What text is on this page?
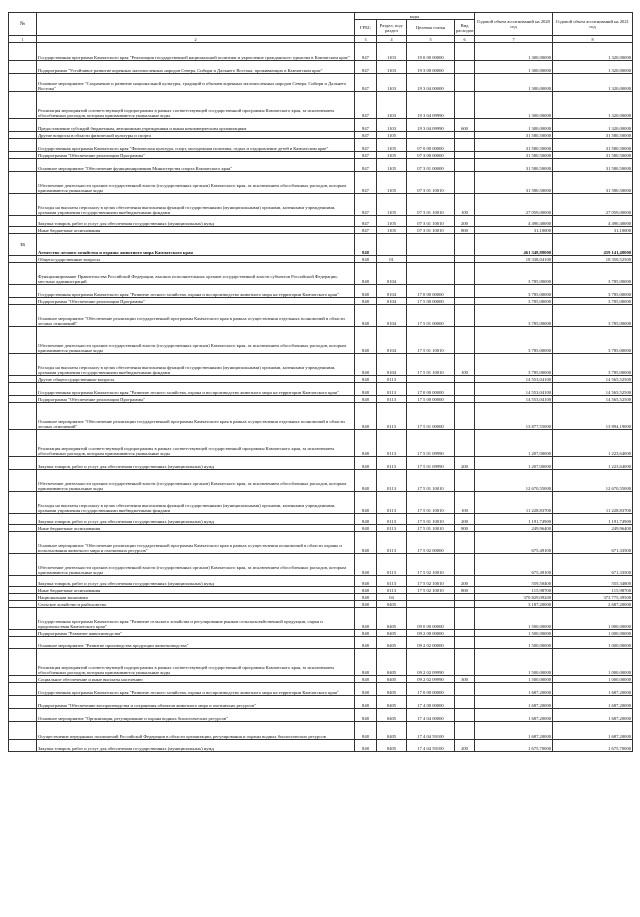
№		коды				Годовой объем ассигнований на 2020 год	Годовой объем ассигнований на 2021 год
		ГРБС	Раздел, под-раздел	Целевая статья	Вид расходов		
1	2	3	4	5	6	7	8
	Государственная программа Камчатского края "Реализация государственной национальной политики и укрепление гражданского единства в Камчатском крае"	847	1103	19 0 00 00000		1 300,00000	1 320,00000
	Подпрограмма "Устойчивое развитие коренных малочисленных народов Севера, Сибири и Дальнего Востока, проживающих в Камчатском крае"	847	1103	19 3 00 00000		1 300,00000	1 320,00000
	Основное мероприятие "Сохранение и развитие национальной культуры, традиций и обычаев коренных малочисленных народов Севера, Сибири и Дальнего Востока"	847	1103	19 3 04 00000		1 300,00000	1 320,00000
	Реализация мероприятий соответствующей подпрограммы в рамках соответствующей государственной программы Камчатского края, за исключением обособленных расходов, которым присваиваются уникальные коды	847	1103	19 3 04 09990		1 300,00000	1 320,00000
	Предоставление субсидий бюджетным, автономным учреждениям и иным некоммерческим организациям	847	1103	19 3 04 09990	600	1 300,00000	1 320,00000
	Другие вопросы в области физической культуры и спорта	847	1105			31 580,50000	31 580,50000
	Государственная программа Камчатского края "Физическая культура, спорт, молодежная политика, отдых и оздоровление детей в Камчатском крае"	847	1105	07 0 00 00000		31 580,50000	31 580,50000
	Подпрограмма "Обеспечение реализации Программы"	847	1105	07 3 00 00000		31 580,50000	31 580,50000
	Основное мероприятие "Обеспечение функционирования Министерства спорта Камчатского края"	847	1105	07 3 01 00000		31 580,50000	31 580,50000
	Обеспечение деятельности органов государственной власти (государственных органов) Камчатского края, за исключением обособленных расходов, которым присваиваются уникальные коды	847	1105	07 3 01 10010		31 580,50000	31 580,50000
	Расходы на выплаты персоналу в целях обеспечения выполнения функций государственными (муниципальными) органами, казенными учреждениями, органами управления государственными внебюджетными фондами	847	1105	07 3 01 10010	100	27 059,00000	27 059,00000
	Закупка товаров, работ и услуг для обеспечения государственных (муниципальных) нужд	847	1105	07 3 01 10010	200	4 490,40000	4 490,40000
	Иные бюджетные ассигнования	847	1105	07 3 01 10010	800	31,10000	31,10000
33	Агентство лесного хозяйства и охраны животного мира Камчатского края	848				461 348,88000	459 141,48000
	Общегосударственные вопросы	848	01			18 338,04100	18 350,52500
	Функционирование Правительства Российской Федерации, высших исполнительных органов государственной власти субъектов Российской Федерации, местных администраций	848	0104			3 785,00000	3 785,00000
	Государственная программа Камчатского края "Развитие лесного хозяйства, охрана и воспроизводство животного мира на территории Камчатского края"	848	0104	17 0 00 00000		3 785,00000	3 785,00000
	Подпрограмма "Обеспечение реализации Программы"	848	0104	17 5 00 00000		3 785,00000	3 785,00000
	Основное мероприятие "Обеспечение реализации государственной программы Камчатского края в рамках осуществления отдельных полномочий в области лесных отношений"	848	0104	17 5 01 00000		3 785,00000	3 785,00000
	Обеспечение деятельности органов государственной власти (государственных органов) Камчатского края, за исключением обособленных расходов, которым присваиваются уникальные коды	848	0104	17 5 01 10010		3 785,00000	3 785,00000
	Расходы на выплаты персоналу в целях обеспечения выполнения функций государственными (муниципальными) органами, казенными учреждениями, органами управления государственными внебюджетными фондами	848	0104	17 5 01 10010	100	3 785,00000	3 785,00000
	Другие общегосударственные вопросы	848	0113			14 553,04100	14 565,52500
	Государственная программа Камчатского края "Развитие лесного хозяйства, охрана и воспроизводство животного мира на территории Камчатского края"	848	0113	17 0 00 00000		14 553,04100	14 565,52500
	Подпрограмма "Обеспечение реализации Программы"	848	0113	17 5 00 00000		14 553,04100	14 565,52500
	Основное мероприятие "Обеспечение реализации государственной программы Камчатского края в рамках осуществления отдельных полномочий в области лесных отношений"	848	0113	17 5 01 00000		13 877,55000	13 894,19000
	Реализация мероприятий соответствующей подпрограммы в рамках соответствующей государственной программы Камчатского края, за исключением обособленных расходов, которым присваиваются уникальные коды	848	0113	17 5 01 09990		1 207,00000	1 223,64000
	Закупка товаров, работ и услуг для обеспечения государственных (муниципальных) нужд	848	0113	17 5 01 09990	200	1 207,00000	1 223,64000
	Обеспечение деятельности органов государственной власти (государственных органов) Камчатского края, за исключением обособленных расходов, которым присваиваются уникальные коды	848	0113	17 5 01 10010		12 670,55000	12 670,55000
	Расходы на выплаты персоналу в целях обеспечения выполнения функций государственными (муниципальными) органами, казенными учреждениями, органами управления государственными внебюджетными фондами	848	0113	17 5 01 10010	100	11 228,83700	11 228,83700
	Закупка товаров, работ и услуг для обеспечения государственных (муниципальных) нужд	848	0113	17 5 01 10010	200	1 191,74900	1 191,74900
	Иные бюджетные ассигнования	848	0113	17 5 01 10010	800	249,96400	249,96400
	Основное мероприятие "Обеспечение реализации государственной программы Камчатского края в рамках осуществления полномочий в области охраны и использования животного мира и охотничьих ресурсов"	848	0113	17 5 02 00000		675,49100	671,33500
	Обеспечение деятельности органов государственной власти (государственных органов) Камчатского края, за исключением обособленных расходов, которым присваиваются уникальные коды	848	0113	17 5 02 10010		675,49100	671,33500
	Закупка товаров, работ и услуг для обеспечения государственных (муниципальных) нужд	848	0113	17 5 02 10010	200	559,50400	555,34800
	Иные бюджетные ассигнования	848	0113	17 5 02 10010	800	115,98700	115,98700
	Национальная экономика	848	04			370 829,09200	373 775,39500
	Сельское хозяйство и рыболовство	848	0405			3 187,20000	2 687,20000
	Государственная программа Камчатского края "Развитие сельского хозяйства и регулирование рынков сельскохозяйственной продукции, сырья и продовольствия Камчатского края"	848	0405	09 0 00 00000		1 500,00000	1 000,00000
	Подпрограмма "Развитие животноводства"	848	0405	09 2 00 00000		1 500,00000	1 000,00000
	Основное мероприятие "Развитие производства продукции животноводства"	848	0405	09 2 02 00000		1 500,00000	1 000,00000
	Реализация мероприятий соответствующей подпрограммы в рамках соответствующей государственной программы Камчатского края, за исключением обособленных расходов, которым присваиваются уникальные коды	848	0405	09 2 02 09990		1 500,00000	1 000,00000
	Социальное обеспечение и иные выплаты населению	848	0405	09 2 02 09990	300	1 500,00000	1 000,00000
	Государственная программа Камчатского края "Развитие лесного хозяйства, охрана и воспроизводство животного мира на территории Камчатского края"	848	0405	17 0 00 00000		1 687,20000	1 687,20000
	Подпрограмма "Обеспечение воспроизводства и сохранения объектов животного мира и охотничьих ресурсов"	848	0405	17 4 00 00000		1 687,20000	1 687,20000
	Основное мероприятие "Организация, регулирование и охрана водных биологических ресурсов"	848	0405	17 4 04 00000		1 687,20000	1 687,20000
	Осуществление переданных полномочий Российской Федерации в области организации, регулирования и охраны водных биологических ресурсов	848	0405	17 4 04 59100		1 687,20000	1 687,20000
	Закупка товаров, работ и услуг для обеспечения государственных (муниципальных) нужд	848	0405	17 4 04 59100	200	1 675,70000	1 675,70000
